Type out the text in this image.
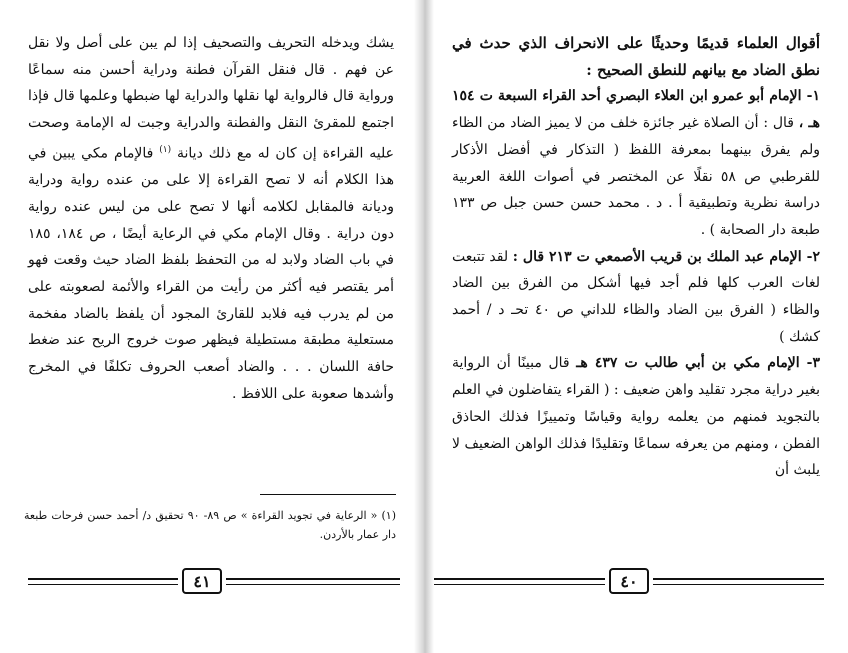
يشك ويدخله التحريف والتصحيف إذا لم يبن على أصل ولا نقل عن فهم . قال فنقل القرآن فطنة ودراية أحسن منه سماعًا ورواية قال فالرواية لها نقلها والدراية لها ضبطها وعلمها قال فإذا اجتمع للمقرئ النقل والفطنة والدراية وجبت له الإمامة وصحت عليه القراءة إن كان له مع ذلك ديانة $^{(١)}$ فالإمام مكي يبين في هذا الكلام أنه لا تصح القراءة إلا على من عنده رواية ودراية وديانة فالمقابل لكلامه أنها لا تصح على من ليس عنده رواية دون دراية . وقال الإمام مكي في الرعاية أيضًا ، ص ١٨٤، ١٨٥ في باب الضاد ولابد له من التحفظ بلفظ الضاد حيث وقعت فهو أمر يقتصر فيه أكثر من رأيت من القراء والأئمة لصعوبته على من لم يدرب فيه فلابد للقارئ المجود أن يلفظ بالضاد مفخمة مستعلية مطبقة مستطيلة فيظهر صوت خروج الريح عند ضغط حافة اللسان . . . والضاد أصعب الحروف تكلفًا في المخرج وأشدها صعوبة على اللافظ .

(١) « الرعاية في تجويد القراءة » ص ٨٩- ٩٠ تحقيق د/ أحمد حسن فرحات طبعة دار عمار بالأردن.
٤١

أقوال العلماء قديمًا وحديثًا على الانحراف الذي حدث في نطق الضاد مع بيانهم للنطق الصحيح :

١- الإمام أبو عمرو ابن العلاء البصري أحد القراء السبعة ت ١٥٤ هـ ، قال : أن الصلاة غير جائزة خلف من لا يميز الضاد من الظاء ولم يفرق بينهما بمعرفة اللفظ ( التذكار في أفضل الأذكار للقرطبي ص ٥٨ نقلًا عن المختصر في أصوات اللغة العربية دراسة نظرية وتطبيقية أ . د . محمد حسن حسن جبل ص ١٣٣ طبعة دار الصحابة ) .

٢- الإمام عبد الملك بن قريب الأصمعي ت ٢١٣ قال : لقد تتبعت لغات العرب كلها فلم أجد فيها أشكل من الفرق بين الضاد والظاء ( الفرق بين الضاد والظاء للداني ص ٤٠ تحـ د / أحمد كشك )

٣- الإمام مكي بن أبي طالب ت ٤٣٧ هـ قال مبينًا أن الرواية بغير دراية مجرد تقليد واهن ضعيف : ( القراء يتفاضلون في العلم بالتجويد فمنهم من يعلمه رواية وقياسًا وتمييزًا فذلك الحاذق الفطن ، ومنهم من يعرفه سماعًا وتقليدًا فذلك الواهن الضعيف لا يلبث أن

٤٠
